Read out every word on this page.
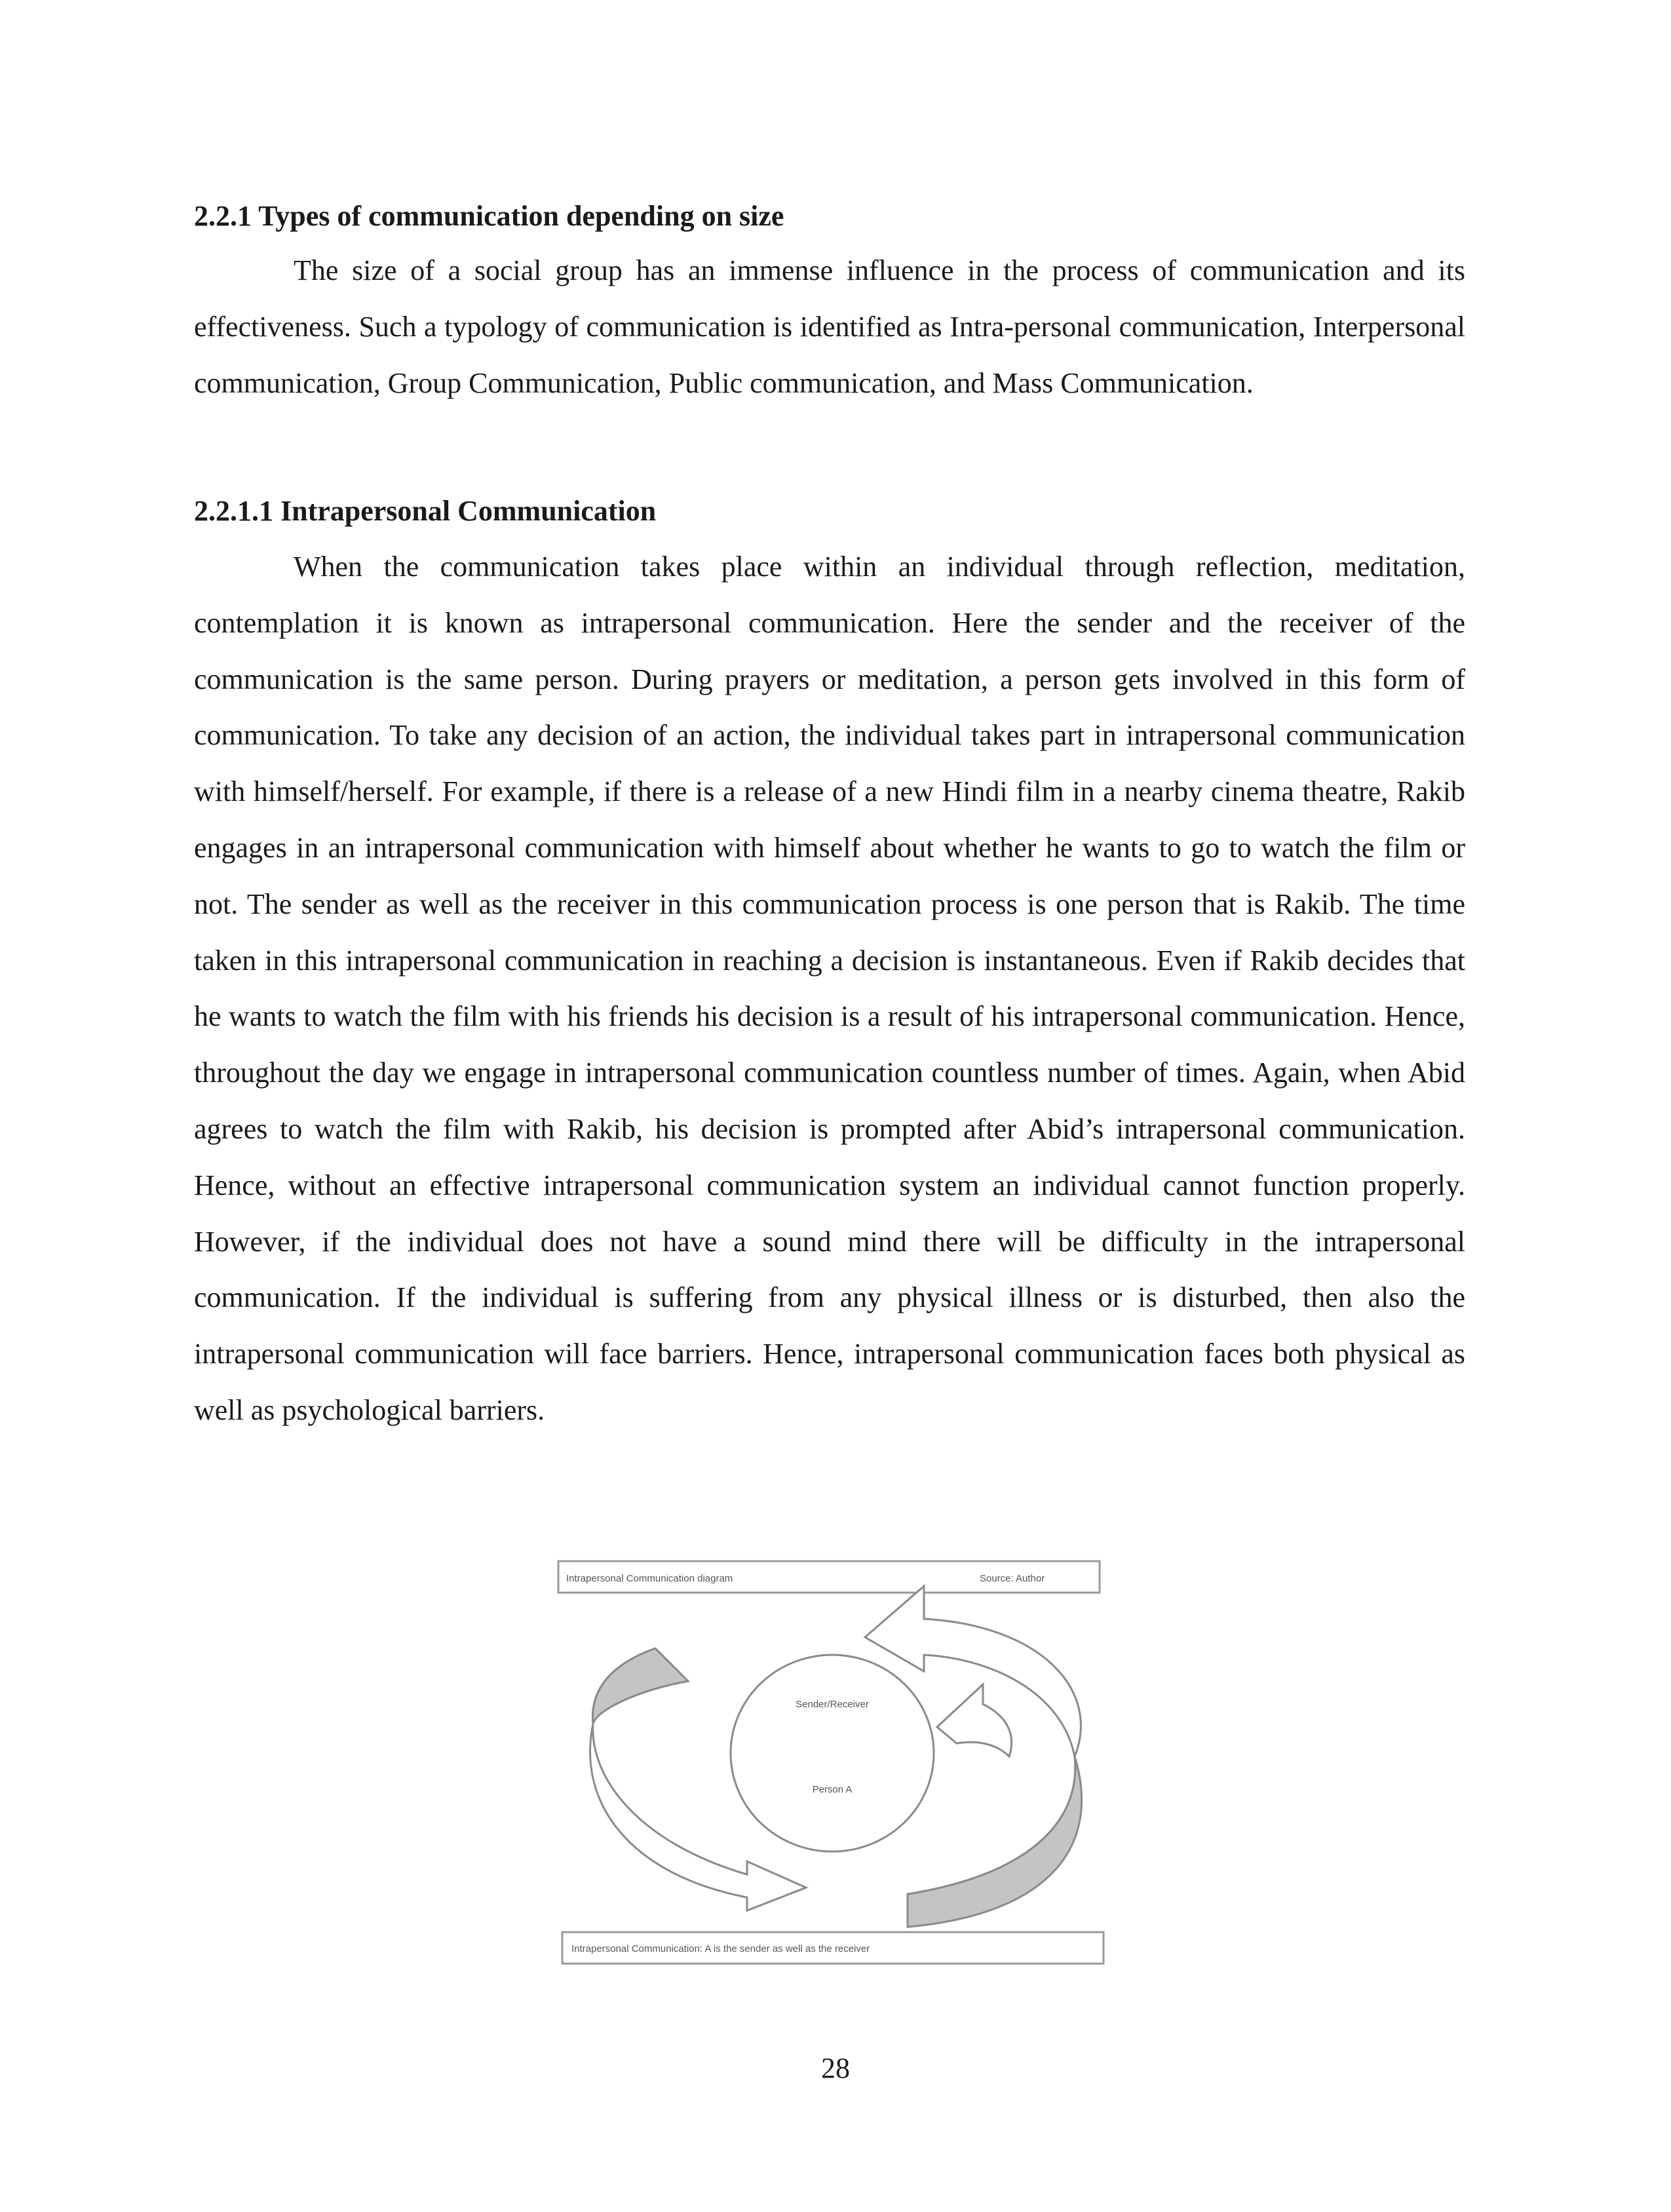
2.2.1 Types of communication depending on size

The size of a social group has an immense influence in the process of communication and its effectiveness. Such a typology of communication is identified as Intra-personal communication, Interpersonal communication, Group Communication, Public communication, and Mass Communication.

2.2.1.1 Intrapersonal Communication

When the communication takes place within an individual through reflection, meditation, contemplation it is known as intrapersonal communication. Here the sender and the receiver of the communication is the same person. During prayers or meditation, a person gets involved in this form of communication. To take any decision of an action, the individual takes part in intrapersonal communication with himself/herself. For example, if there is a release of a new Hindi film in a nearby cinema theatre, Rakib engages in an intrapersonal communication with himself about whether he wants to go to watch the film or not. The sender as well as the receiver in this communication process is one person that is Rakib. The time taken in this intrapersonal communication in reaching a decision is instantaneous. Even if Rakib decides that he wants to watch the film with his friends his decision is a result of his intrapersonal communication. Hence, throughout the day we engage in intrapersonal communication countless number of times. Again, when Abid agrees to watch the film with Rakib, his decision is prompted after Abid’s intrapersonal communication. Hence, without an effective intrapersonal communication system an individual cannot function properly. However, if the individual does not have a sound mind there will be difficulty in the intrapersonal communication. If the individual is suffering from any physical illness or is disturbed, then also the intrapersonal communication will face barriers. Hence, intrapersonal communication faces both physical as well as psychological barriers.

Intrapersonal Communication diagram	Source: Author
Sender/Receiver
Person A
Intrapersonal Communication: A is the sender as well as the receiver
28
